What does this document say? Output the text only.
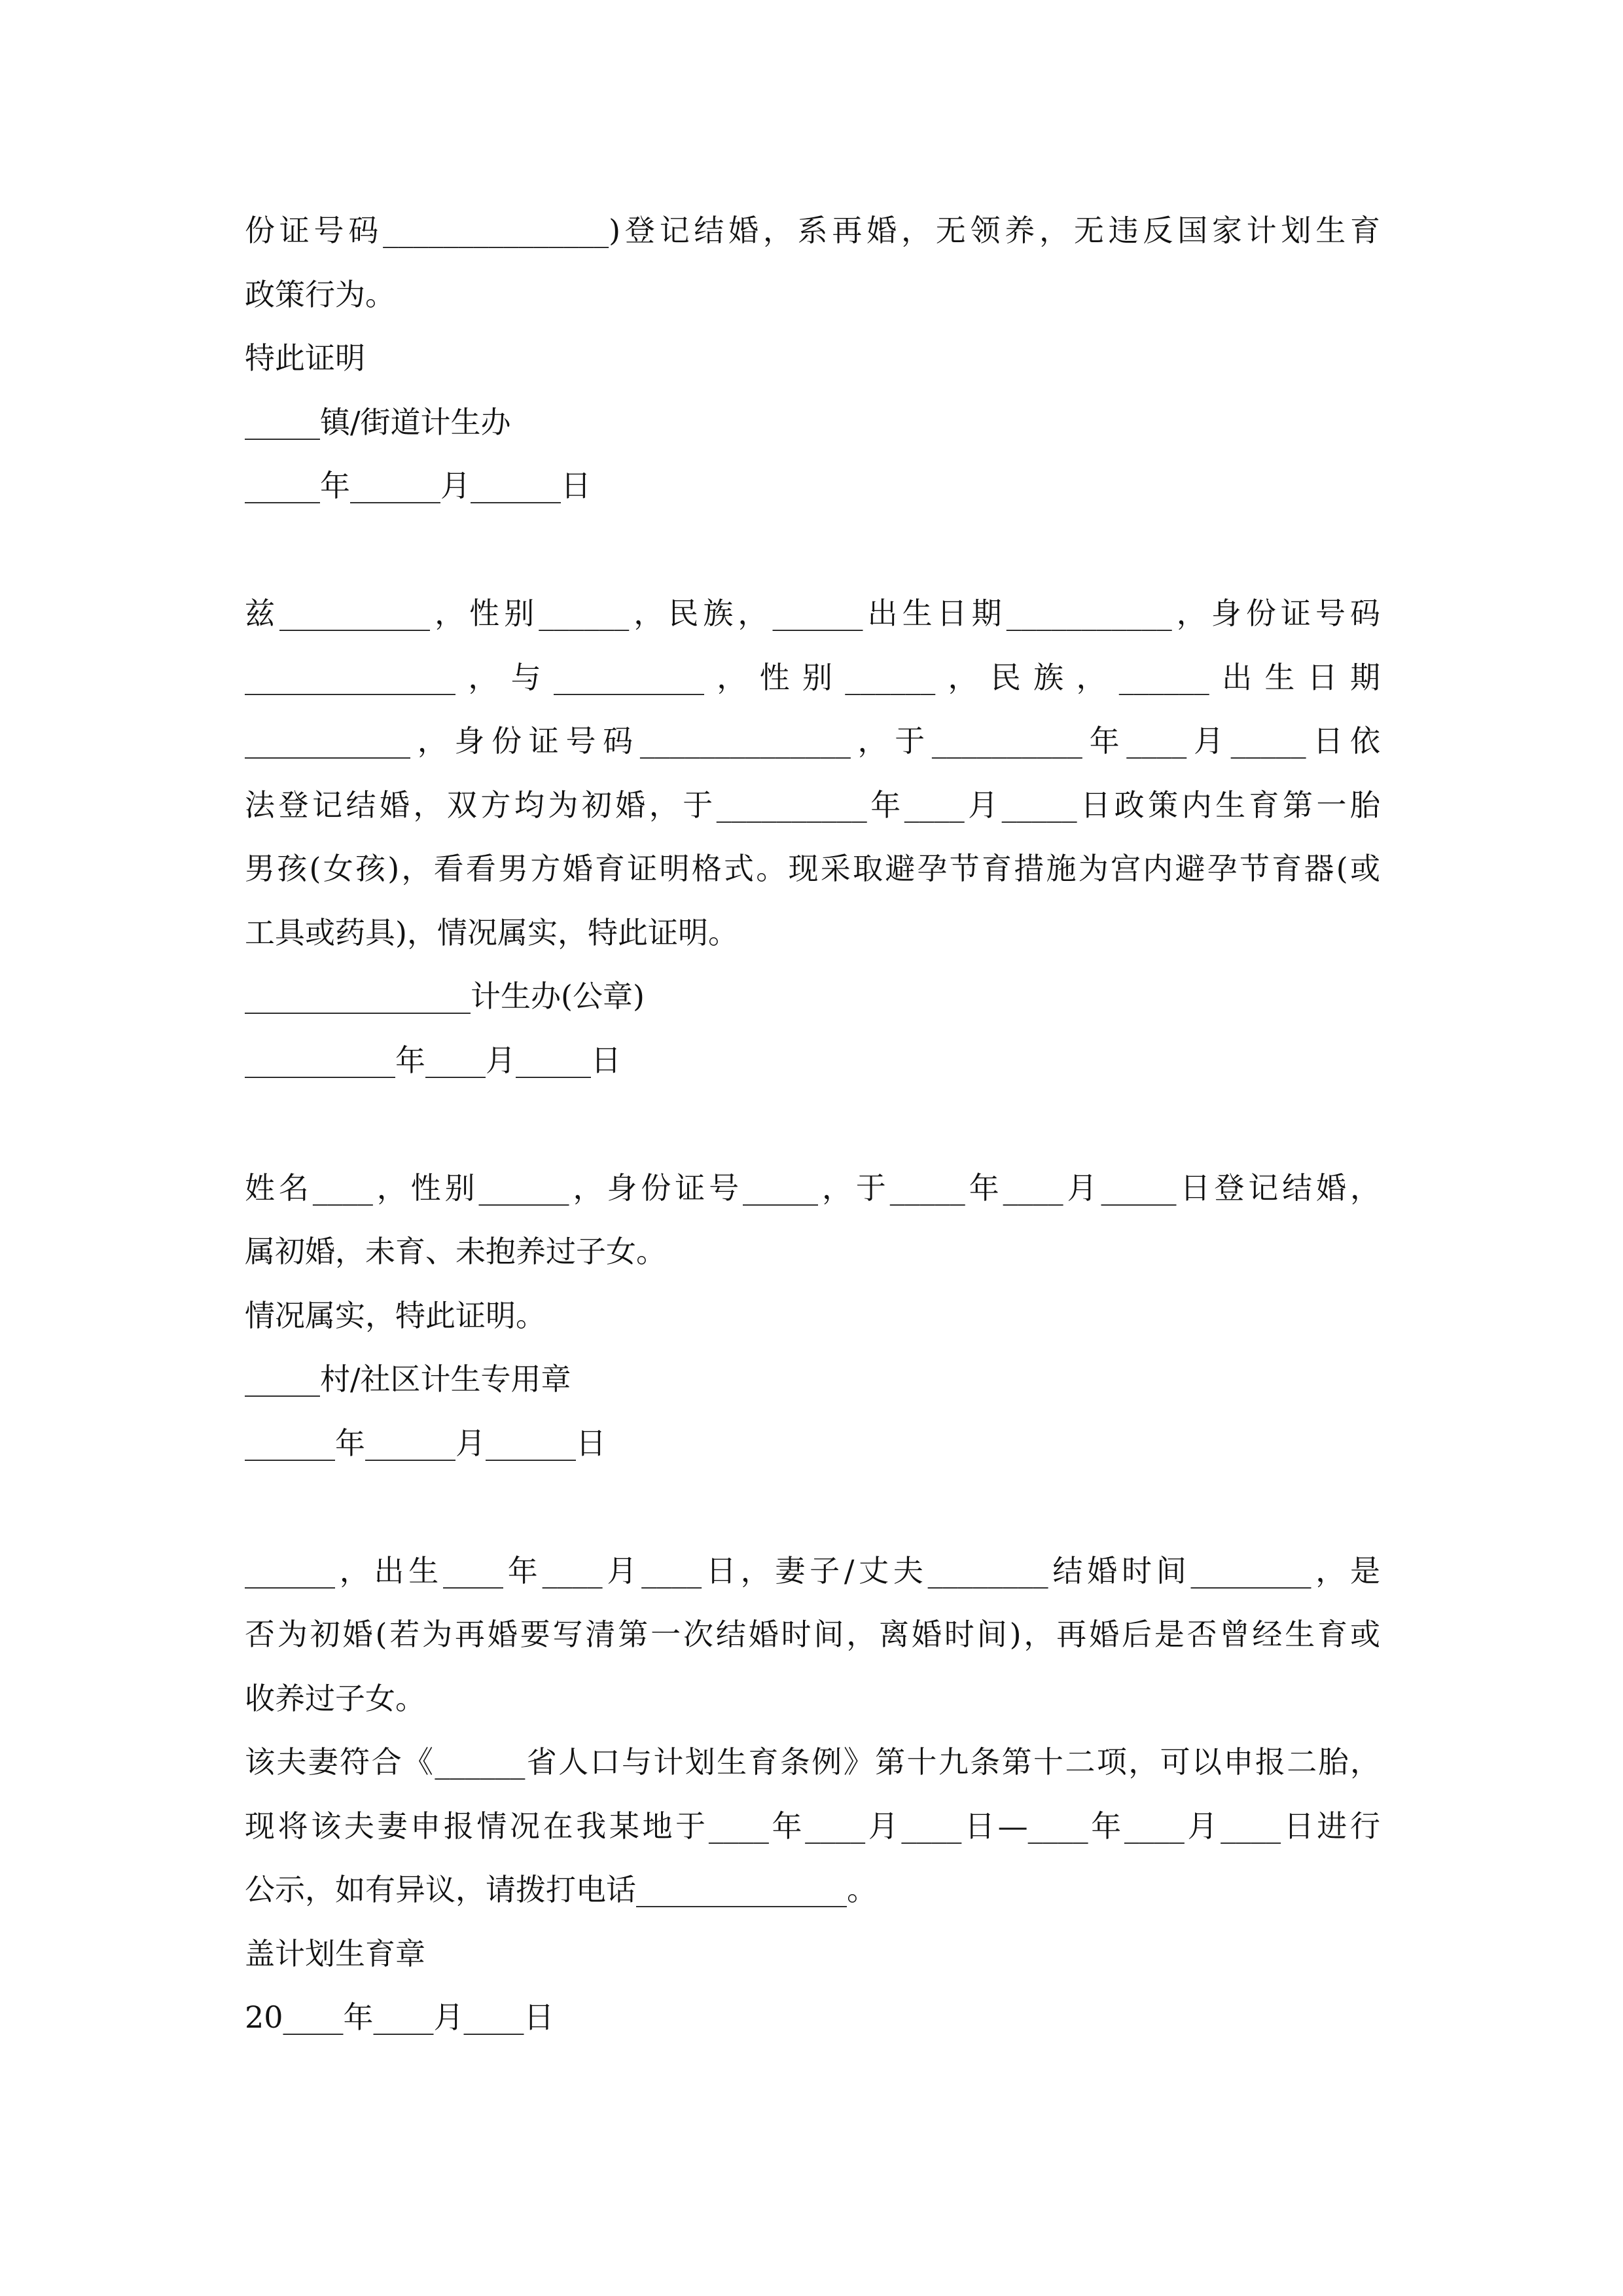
份证号码_______________)登记结婚，系再婚，无领养，无违反国家计划生育

政策行为。

特此证明

_____镇/街道计生办

_____年______月______日

兹__________，性别______，民族，______出生日期___________，身份证号码

______________，与__________，性别______，民族，______出生日期

___________，身份证号码______________，于__________年____月_____日依

法登记结婚，双方均为初婚，于__________年____月_____日政策内生育第一胎

男孩(女孩)，看看男方婚育证明格式。现采取避孕节育措施为宫内避孕节育器(或

工具或药具)，情况属实，特此证明。

_______________计生办(公章)

__________年____月_____日

姓名____，性别______，身份证号_____，于_____年____月_____日登记结婚，

属初婚，未育、未抱养过子女。

情况属实，特此证明。

_____村/社区计生专用章

______年______月______日

______，出生____年____月____日，妻子/丈夫________结婚时间________，是

否为初婚(若为再婚要写清第一次结婚时间，离婚时间)，再婚后是否曾经生育或

收养过子女。

该夫妻符合《______省人口与计划生育条例》第十九条第十二项，可以申报二胎，

现将该夫妻申报情况在我某地于____年____月____日—____年____月____日进行

公示，如有异议，请拨打电话______________。

盖计划生育章

20____年____月____日
